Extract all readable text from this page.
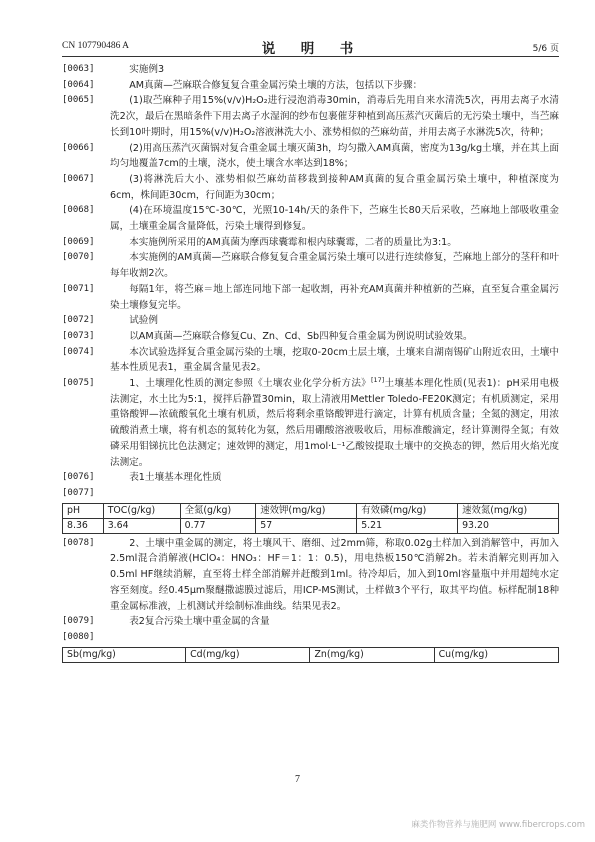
CN 107790486 A	说　明　书	5/6 页
[0063]	实施例3
[0064]	AM真菌—苎麻联合修复复合重金属污染土壤的方法，包括以下步骤：
[0065]	(1)取苎麻种子用15%(v/v)H₂O₂进行浸泡消毒30min，消毒后先用自来水清洗5次，再用去离子水清洗2次，最后在黑暗条件下用去离子水湿润的纱布包裹催芽种植到高压蒸汽灭菌后的无污染土壤中，当苎麻长到10叶期时，用15%(v/v)H₂O₂溶液淋洗大小、涨势相似的苎麻幼苗，并用去离子水淋洗5次，待种；
[0066]	(2)用高压蒸汽灭菌锅对复合重金属土壤灭菌3h，均匀撒入AM真菌，密度为13g/kg土壤，并在其上面均匀地覆盖7cm的土壤，浇水，使土壤含水率达到18%；
[0067]	(3)将淋洗后大小、涨势相似苎麻幼苗移栽到接种AM真菌的复合重金属污染土壤中，种植深度为6cm，株间距30cm，行间距为30cm；
[0068]	(4)在环境温度15℃-30℃，光照10-14h/天的条件下，苎麻生长80天后采收，苎麻地上部吸收重金属，土壤重金属含量降低，污染土壤得到修复。
[0069]	本实施例所采用的AM真菌为摩西球囊霉和根内球囊霉，二者的质量比为3:1。
[0070]	本实施例的AM真菌—苎麻联合修复复合重金属污染土壤可以进行连续修复，苎麻地上部分的茎秆和叶每年收割2次。
[0071]	每隔1年，将苎麻＝地上部连同地下部一起收割，再补充AM真菌并种植新的苎麻，直至复合重金属污染土壤修复完毕。
[0072]	试验例
[0073]	以AM真菌—苎麻联合修复Cu、Zn、Cd、Sb四种复合重金属为例说明试验效果。
[0074]	本次试验选择复合重金属污染的土壤，挖取0-20cm土层土壤，土壤来自湖南锡矿山附近农田，土壤中基本性质见表1，重金属含量见表2。
[0075]	1、土壤理化性质的测定参照《土壤农业化学分析方法》[17]土壤基本理化性质(见表1)：pH采用电极法测定，水土比为5:1，搅拌后静置30min，取上清液用Mettler Toledo-FE20K测定；有机质测定，采用重铬酸钾—浓硫酸氧化土壤有机质，然后将剩余重铬酸钾进行滴定，计算有机质含量；全氮的测定，用浓硫酸消煮土壤，将有机态的氮转化为氨，然后用硼酸溶液吸收后，用标准酸滴定，经计算测得全氮；有效磷采用钼锑抗比色法测定；速效钾的测定，用1mol·L⁻¹乙酸铵提取土壤中的交换态的钾，然后用火焰光度法测定。
[0076]	表1土壤基本理化性质
[0077]

pH	TOC(g/kg)	全氮(g/kg)	速效钾(mg/kg)	有效磷(mg/kg)	速效氮(mg/kg)
8.36	3.64	0.77	57	5.21	93.20
[0078]	2、土壤中重金属的测定，将土壤风干、磨细、过2mm筛，称取0.02g土样加入到消解管中，再加入2.5ml混合消解液(HClO₄：HNO₃：HF＝1：1：0.5)，用电热板150℃消解2h。若未消解完则再加入0.5ml HF继续消解，直至将土样全部消解并赶酸到1ml。待冷却后，加入到10ml容量瓶中并用超纯水定容至刻度。经0.45μm聚醚撒滤膜过滤后，用ICP-MS测试，土样做3个平行，取其平均值。标样配制18种重金属标准液，上机测试并绘制标准曲线。结果见表2。
[0079]	表2复合污染土壤中重金属的含量
[0080]

Sb(mg/kg)	Cd(mg/kg)	Zn(mg/kg)	Cu(mg/kg)
7
麻类作物营养与施肥网 www.fibercrops.com
